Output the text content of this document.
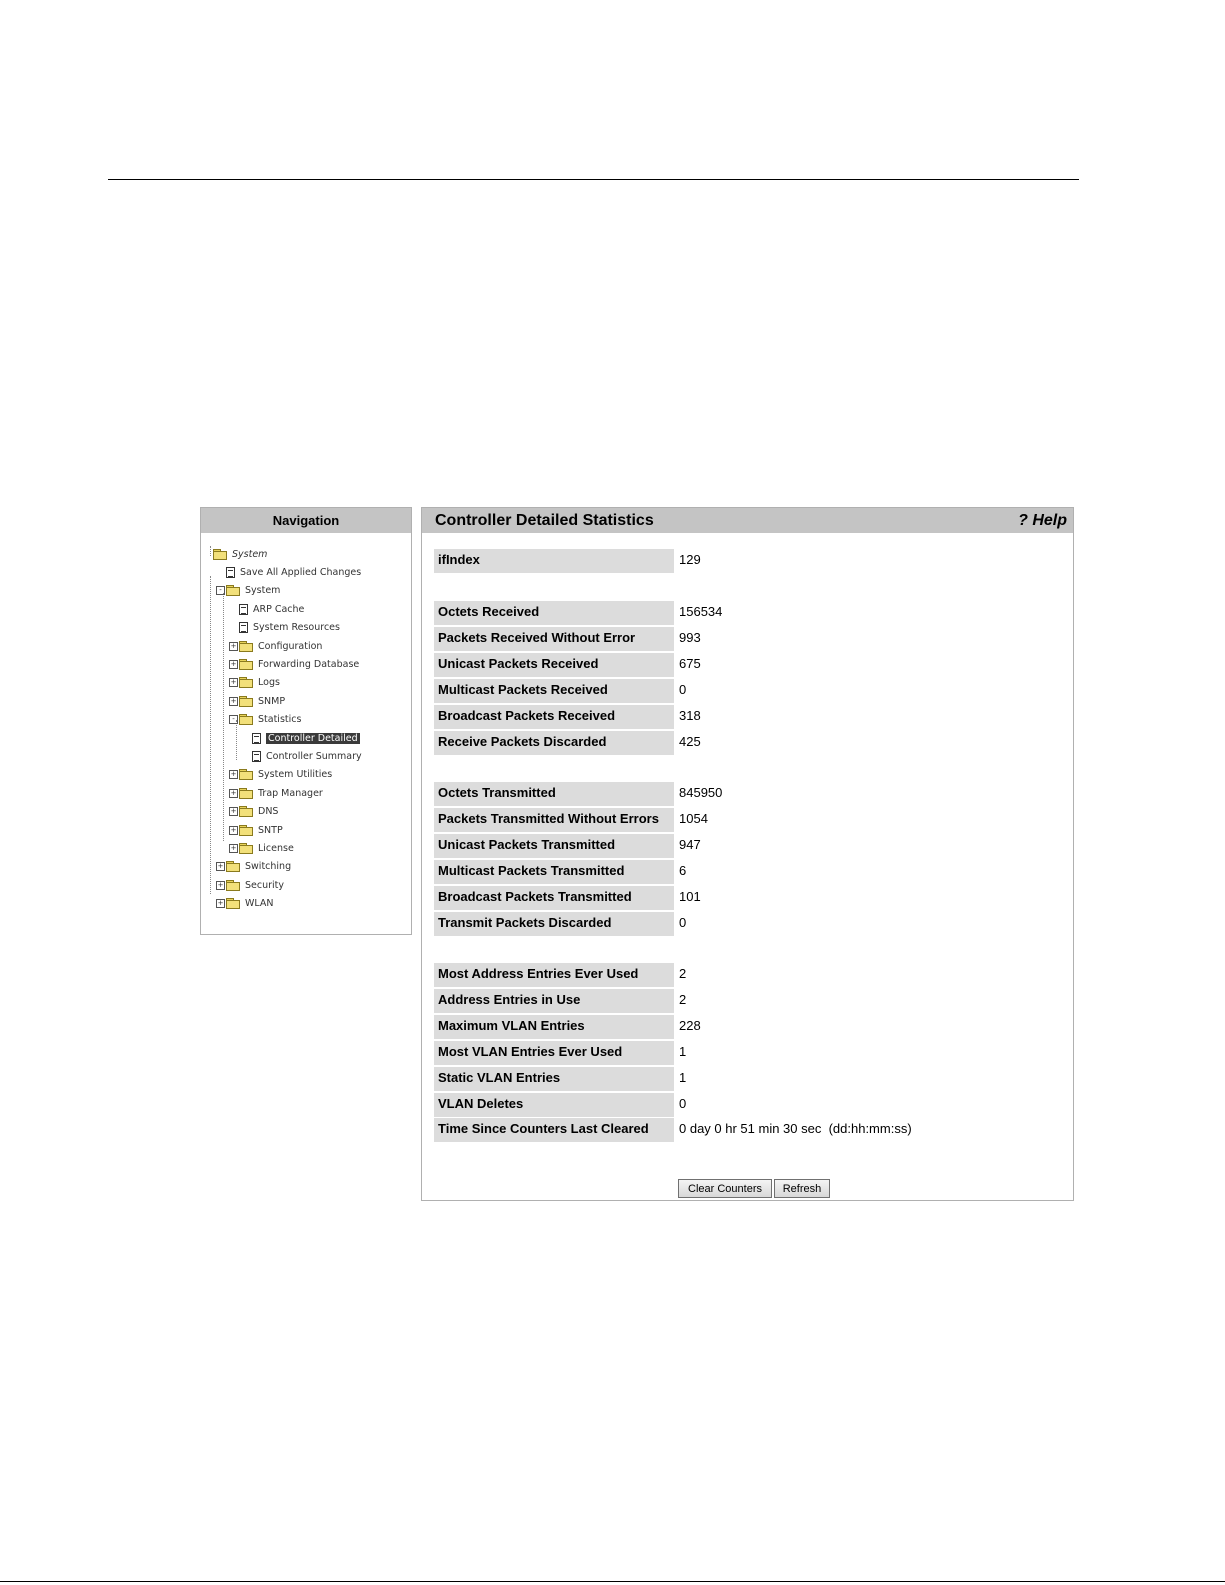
Navigation
System
Save All Applied Changes
-	System
ARP Cache
System Resources
+ Configuration
+ Forwarding Database
+ Logs
+ SNMP
-	Statistics
Controller Detailed
Controller Summary
+ System Utilities
+ Trap Manager
+ DNS
+ SNTP
+ License
+ Switching
+ Security
+ WLAN
Controller Detailed Statistics	? Help
ifIndex	129
Octets Received	156534
Packets Received Without Error	993
Unicast Packets Received	675
Multicast Packets Received	0
Broadcast Packets Received	318
Receive Packets Discarded	425
Octets Transmitted	845950
Packets Transmitted Without Errors	1054
Unicast Packets Transmitted	947
Multicast Packets Transmitted	6
Broadcast Packets Transmitted	101
Transmit Packets Discarded	0
Most Address Entries Ever Used	2
Address Entries in Use	2
Maximum VLAN Entries	228
Most VLAN Entries Ever Used	1
Static VLAN Entries	1
VLAN Deletes	0
Time Since Counters Last Cleared	0 day 0 hr 51 min 30 sec  (dd:hh:mm:ss)
Clear Counters	Refresh
